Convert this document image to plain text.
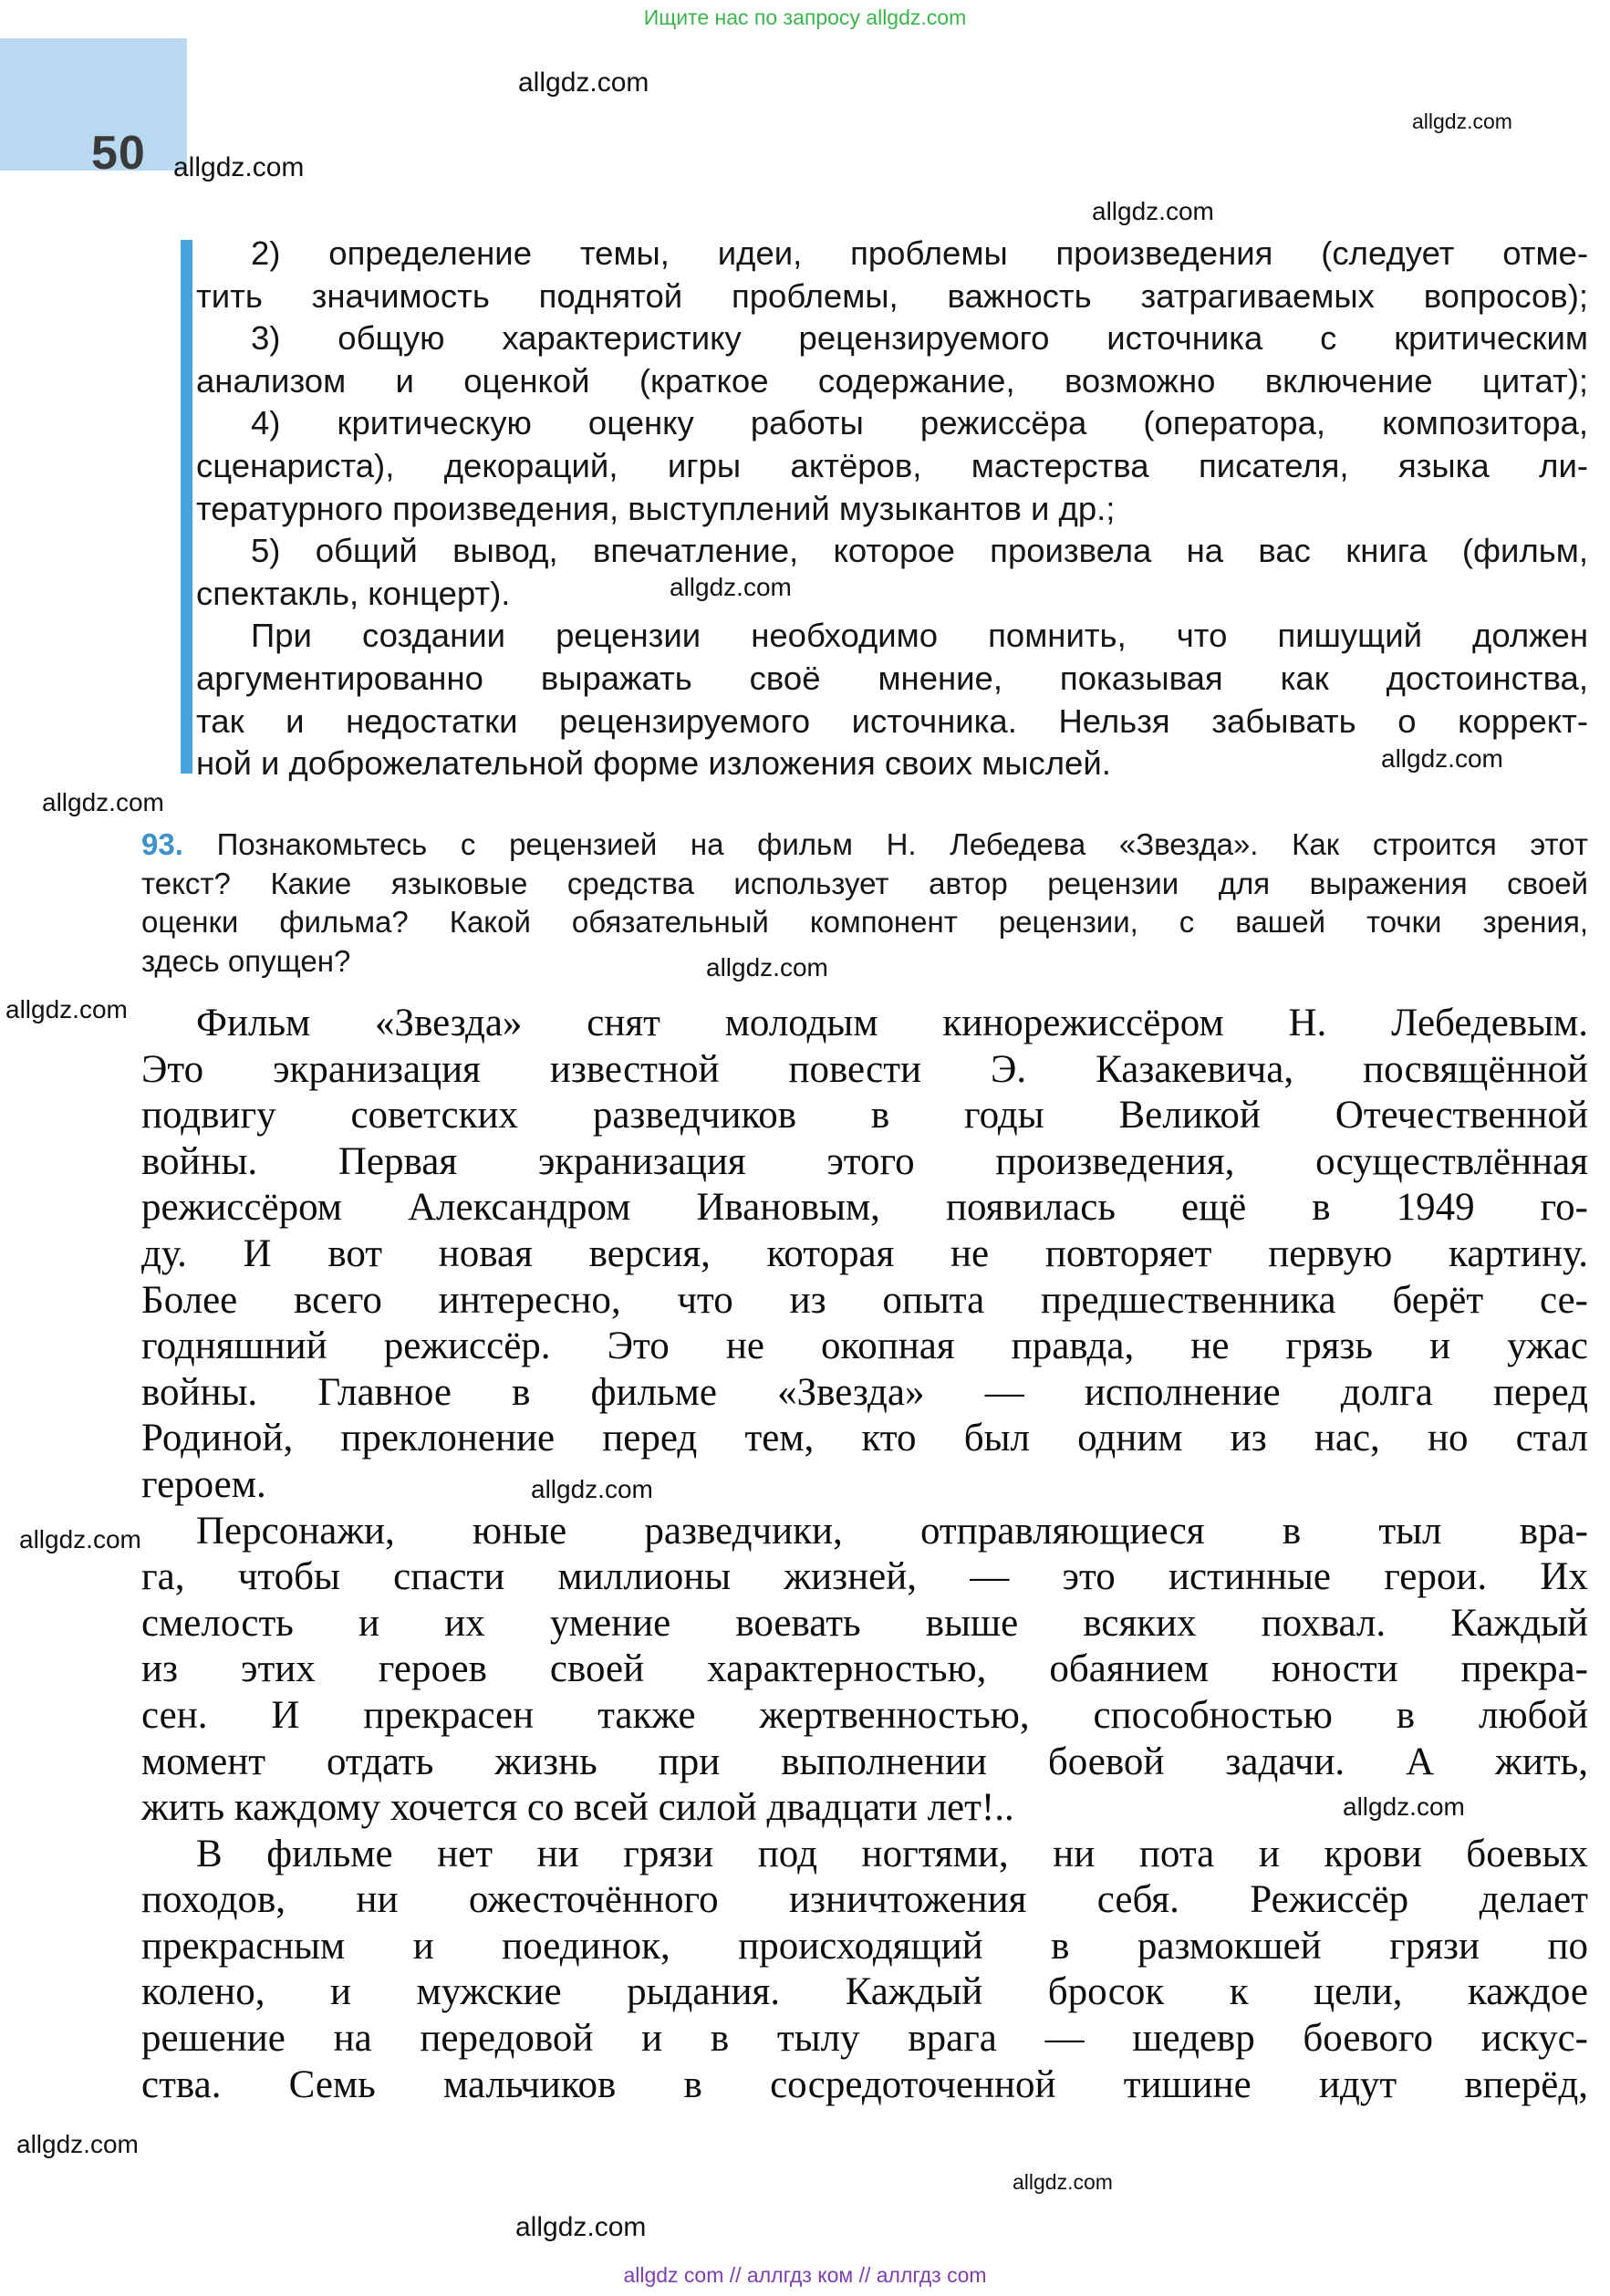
50
Ищите нас по запросу allgdz.com
allgdz com // аллгдз ком // аллгдз com
allgdz.com
allgdz.com
allgdz.com
allgdz.com
allgdz.com
allgdz.com
allgdz.com
allgdz.com
allgdz.com
allgdz.com
allgdz.com
allgdz.com
allgdz.com
allgdz.com
allgdz.com
2) определение темы, идеи, проблемы произведения (следует отме-
тить значимость поднятой проблемы, важность затрагиваемых вопросов);
3) общую характеристику рецензируемого источника с критическим
анализом и оценкой (краткое содержание, возможно включение цитат);
4) критическую оценку работы режиссёра (оператора, композитора,
сценариста), декораций, игры актёров, мастерства писателя, языка ли-
тературного произведения, выступлений музыкантов и др.;
5) общий вывод, впечатление, которое произвела на вас книга (фильм,
спектакль, концерт).
При создании рецензии необходимо помнить, что пишущий должен
аргументированно выражать своё мнение, показывая как достоинства,
так и недостатки рецензируемого источника. Нельзя забывать о коррект-
ной и доброжелательной форме изложения своих мыслей.
93. Познакомьтесь с рецензией на фильм Н. Лебедева «Звезда». Как строится этот
текст? Какие языковые средства использует автор рецензии для выражения своей
оценки фильма? Какой обязательный компонент рецензии, с вашей точки зрения,
здесь опущен?
Фильм «Звезда» снят молодым кинорежиссёром Н. Лебедевым.
Это экранизация известной повести Э. Казакевича, посвящённой
подвигу советских разведчиков в годы Великой Отечественной
войны. Первая экранизация этого произведения, осуществлённая
режиссёром Александром Ивановым, появилась ещё в 1949 го-
ду. И вот новая версия, которая не повторяет первую картину.
Более всего интересно, что из опыта предшественника берёт се-
годняшний режиссёр. Это не окопная правда, не грязь и ужас
войны. Главное в фильме «Звезда» — исполнение долга перед
Родиной, преклонение перед тем, кто был одним из нас, но стал
героем.
Персонажи, юные разведчики, отправляющиеся в тыл вра-
га, чтобы спасти миллионы жизней, — это истинные герои. Их
смелость и их умение воевать выше всяких похвал. Каждый
из этих героев своей характерностью, обаянием юности прекра-
сен. И прекрасен также жертвенностью, способностью в любой
момент отдать жизнь при выполнении боевой задачи. А жить,
жить каждому хочется со всей силой двадцати лет!..
В фильме нет ни грязи под ногтями, ни пота и крови боевых
походов, ни ожесточённого изничтожения себя. Режиссёр делает
прекрасным и поединок, происходящий в размокшей грязи по
колено, и мужские рыдания. Каждый бросок к цели, каждое
решение на передовой и в тылу врага — шедевр боевого искус-
ства. Семь мальчиков в сосредоточенной тишине идут вперёд,
